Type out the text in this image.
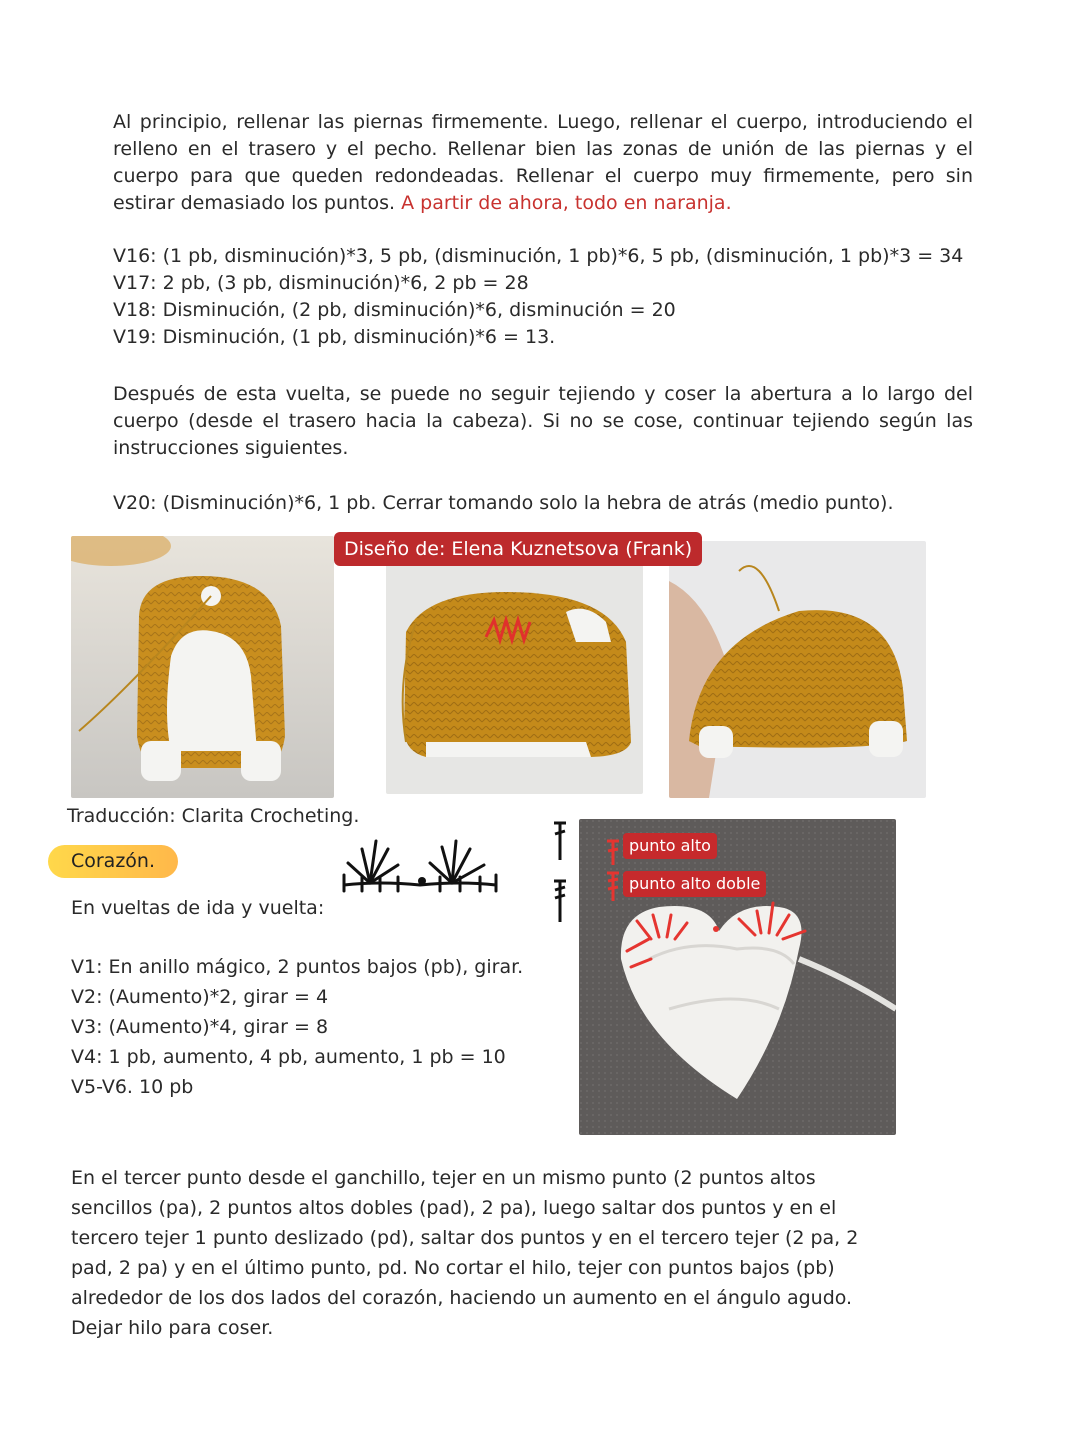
Al principio, rellenar las piernas firmemente. Luego, rellenar el cuerpo, introduciendo el relleno en el trasero y el pecho. Rellenar bien las zonas de unión de las piernas y el cuerpo para que queden redondeadas. Rellenar el cuerpo muy firmemente, pero sin estirar demasiado los puntos. A partir de ahora, todo en naranja.

V16: (1 pb, disminución)*3, 5 pb, (disminución, 1 pb)*6, 5 pb, (disminución, 1 pb)*3 = 34

V17: 2 pb, (3 pb, disminución)*6, 2 pb = 28

V18: Disminución, (2 pb, disminución)*6, disminución = 20

V19: Disminución, (1 pb, disminución)*6 = 13.

Después de esta vuelta, se puede no seguir tejiendo y coser la abertura a lo largo del cuerpo (desde el trasero hacia la cabeza). Si no se cose, continuar tejiendo según las instrucciones siguientes.

V20: (Disminución)*6, 1 pb. Cerrar tomando solo la hebra de atrás (medio punto).

Diseño de: Elena Kuznetsova (Frank)

Traducción: Clarita Crocheting.

Corazón.

En vueltas de ida y vuelta:

V1: En anillo mágico, 2 puntos bajos (pb), girar.

V2: (Aumento)*2, girar = 4

V3: (Aumento)*4, girar = 8

V4: 1 pb, aumento, 4 pb, aumento, 1 pb = 10

V5-V6. 10 pb

punto alto
punto alto doble

En el tercer punto desde el ganchillo, tejer en un mismo punto (2 puntos altos sencillos (pa), 2 puntos altos dobles (pad), 2 pa), luego saltar dos puntos y en el tercero tejer 1 punto deslizado (pd), saltar dos puntos y en el tercero tejer (2 pa, 2 pad, 2 pa) y en el último punto, pd. No cortar el hilo, tejer con puntos bajos (pb) alrededor de los dos lados del corazón, haciendo un aumento en el ángulo agudo. Dejar hilo para coser.
